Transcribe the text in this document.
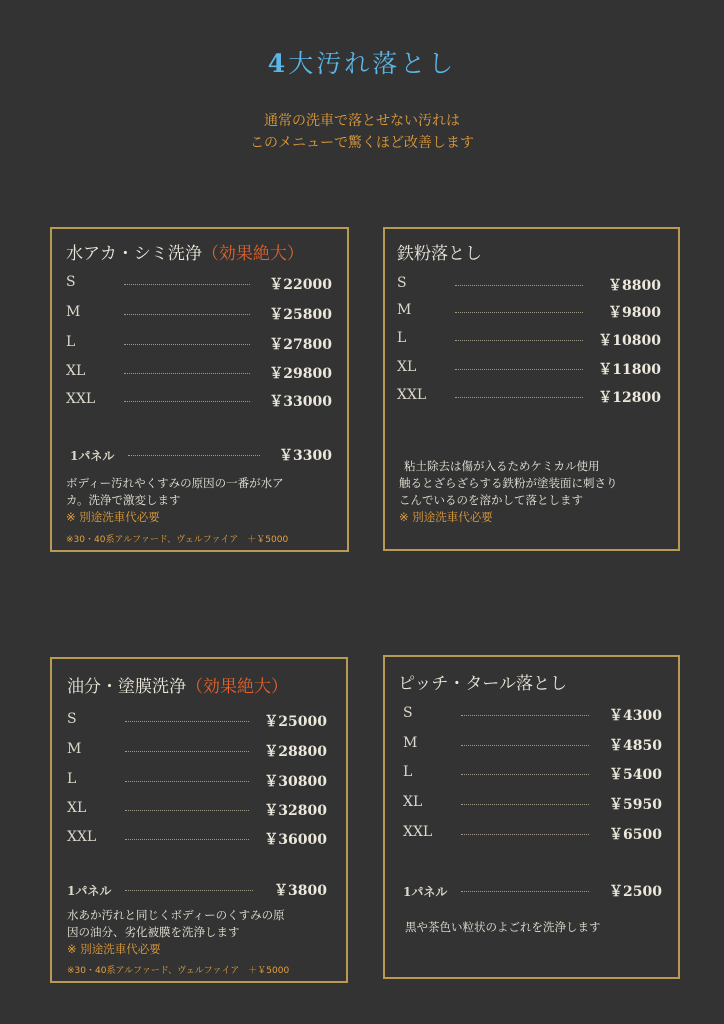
4大汚れ落とし
通常の洗車で落とせない汚れは
このメニューで驚くほど改善します
水アカ・シミ洗浄（効果絶大）
S	￥22000
M	￥25800
L	￥27800
XL	￥29800
XXL	￥33000
1パネル	￥3300
ボディー汚れやくすみの原因の一番が水ア
カ。洗浄で激変します
※ 別途洗車代必要
※30・40系アルファード、ヴェルファイア　＋￥5000
鉄粉落とし
S	￥8800
M	￥9800
L	￥10800
XL	￥11800
XXL	￥12800
粘土除去は傷が入るためケミカル使用
触るとざらざらする鉄粉が塗装面に刺さり
こんでいるのを溶かして落とします
※ 別途洗車代必要
油分・塗膜洗浄（効果絶大）
S	￥25000
M	￥28800
L	￥30800
XL	￥32800
XXL	￥36000
1パネル	￥3800
水あか汚れと同じくボディーのくすみの原
因の油分、劣化被膜を洗浄します
※ 別途洗車代必要
※30・40系アルファード、ヴェルファイア　＋￥5000
ピッチ・タール落とし
S	￥4300
M	￥4850
L	￥5400
XL	￥5950
XXL	￥6500
1パネル	￥2500
黒や茶色い粒状のよごれを洗浄します
